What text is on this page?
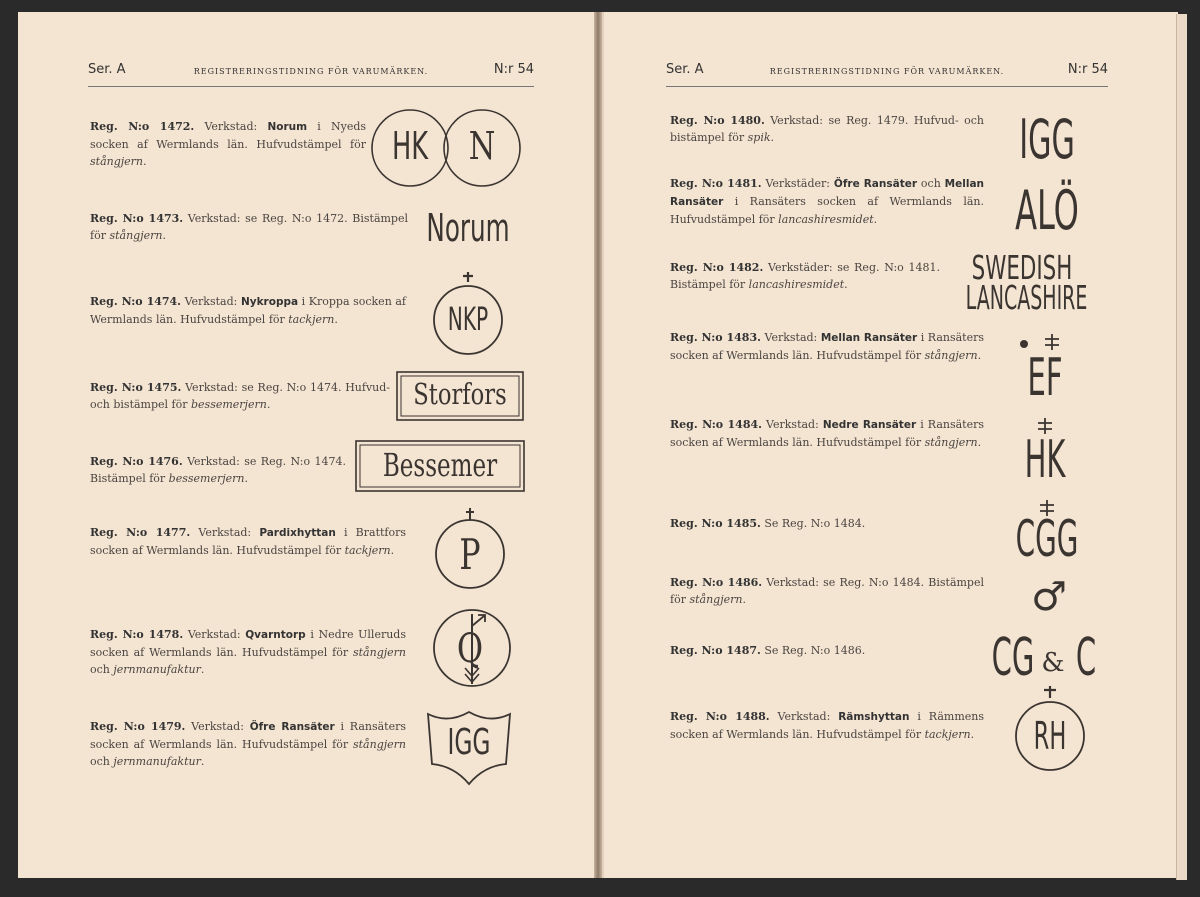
Ser. A	REGISTRERINGSTIDNING FÖR VARUMÄRKEN.	N:r 54
Reg. N:o 1472. Verkstad: Norum i Nyeds socken af Wermlands län. Hufvudstämpel för stångjern.
Reg. N:o 1473. Verkstad: se Reg. N:o 1472. Bistämpel för stångjern.
Reg. N:o 1474. Verkstad: Nykroppa i Kroppa socken af Wermlands län. Hufvudstämpel för tackjern.
Reg. N:o 1475. Verkstad: se Reg. N:o 1474. Hufvud- och bistämpel för bessemerjern.
Reg. N:o 1476. Verkstad: se Reg. N:o 1474. Bistämpel för bessemerjern.
Reg. N:o 1477. Verkstad: Pardixhyttan i Brattfors socken af Wermlands län. Hufvudstämpel för tackjern.
Reg. N:o 1478. Verkstad: Qvarntorp i Nedre Ulleruds socken af Wermlands län. Hufvudstämpel för stångjern och jernmanufaktur.
Reg. N:o 1479. Verkstad: Öfre Ransäter i Ransäters socken af Wermlands län. Hufvudstämpel för stångjern och jernmanufaktur.
HK	N
Norum
NKP
Storfors
Bessemer
P
Q
IGG
Ser. A	REGISTRERINGSTIDNING FÖR VARUMÄRKEN.	N:r 54
Reg. N:o 1480. Verkstad: se Reg. 1479. Hufvud- och bistämpel för spik.
Reg. N:o 1481. Verkstäder: Öfre Ransäter och Mellan Ransäter i Ransäters socken af Wermlands län. Hufvudstämpel för lancashiresmidet.
Reg. N:o 1482. Verkstäder: se Reg. N:o 1481. Bistämpel för lancashiresmidet.
Reg. N:o 1483. Verkstad: Mellan Ransäter i Ransäters socken af Wermlands län. Hufvudstämpel för stångjern.
Reg. N:o 1484. Verkstad: Nedre Ransäter i Ransäters socken af Wermlands län. Hufvudstämpel för stångjern.
Reg. N:o 1485. Se Reg. N:o 1484.
Reg. N:o 1486. Verkstad: se Reg. N:o 1484. Bistämpel för stångjern.
Reg. N:o 1487. Se Reg. N:o 1486.
Reg. N:o 1488. Verkstad: Rämshyttan i Rämmens socken af Wermlands län. Hufvudstämpel för tackjern.
IGG
ALÖ
SWEDISH
LANCASHIRE
EF
HK
CGG
♂
CG & C
RH
